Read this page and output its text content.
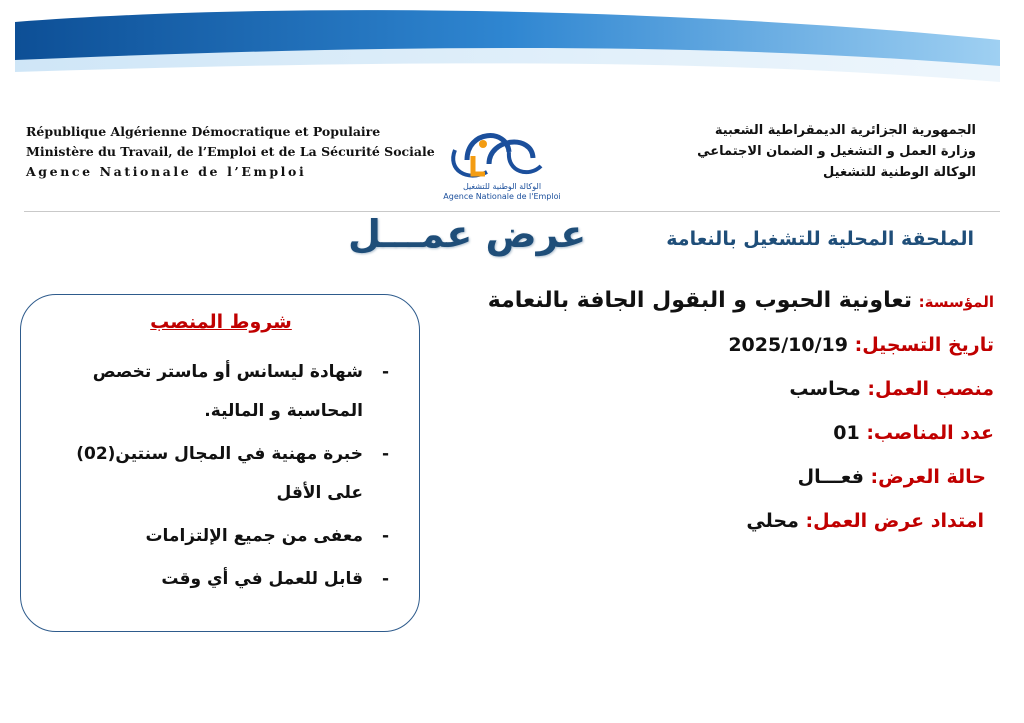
République Algérienne Démocratique et Populaire
Ministère du Travail, de l’Emploi et de La Sécurité Sociale
Agence Nationale de l’Emploi
الوكالة الوطنية للتشغيل
Agence Nationale de l'Emploi
الجمهورية الجزائرية الديمقراطية الشعبية
وزارة العمل و التشغيل و الضمان الاجتماعي
الوكالة الوطنية للتشغيل
الملحقة المحلية للتشغيل بالنعامة
عرض عمـــل
المؤسسة: تعاونية الحبوب و البقول الجافة بالنعامة
تاريخ التسجيل: 2025/10/19
منصب العمل: محاسب
عدد المناصب: 01
حالة العرض: فعـــال
امتداد عرض العمل: محلي
شروط المنصب
-
شهادة ليسانس أو ماستر تخصص المحاسبة و المالية.
-
خبرة مهنية في المجال سنتين(02) على الأقل
-
معفى من جميع الإلتزامات
-
قابل للعمل في أي وقت
